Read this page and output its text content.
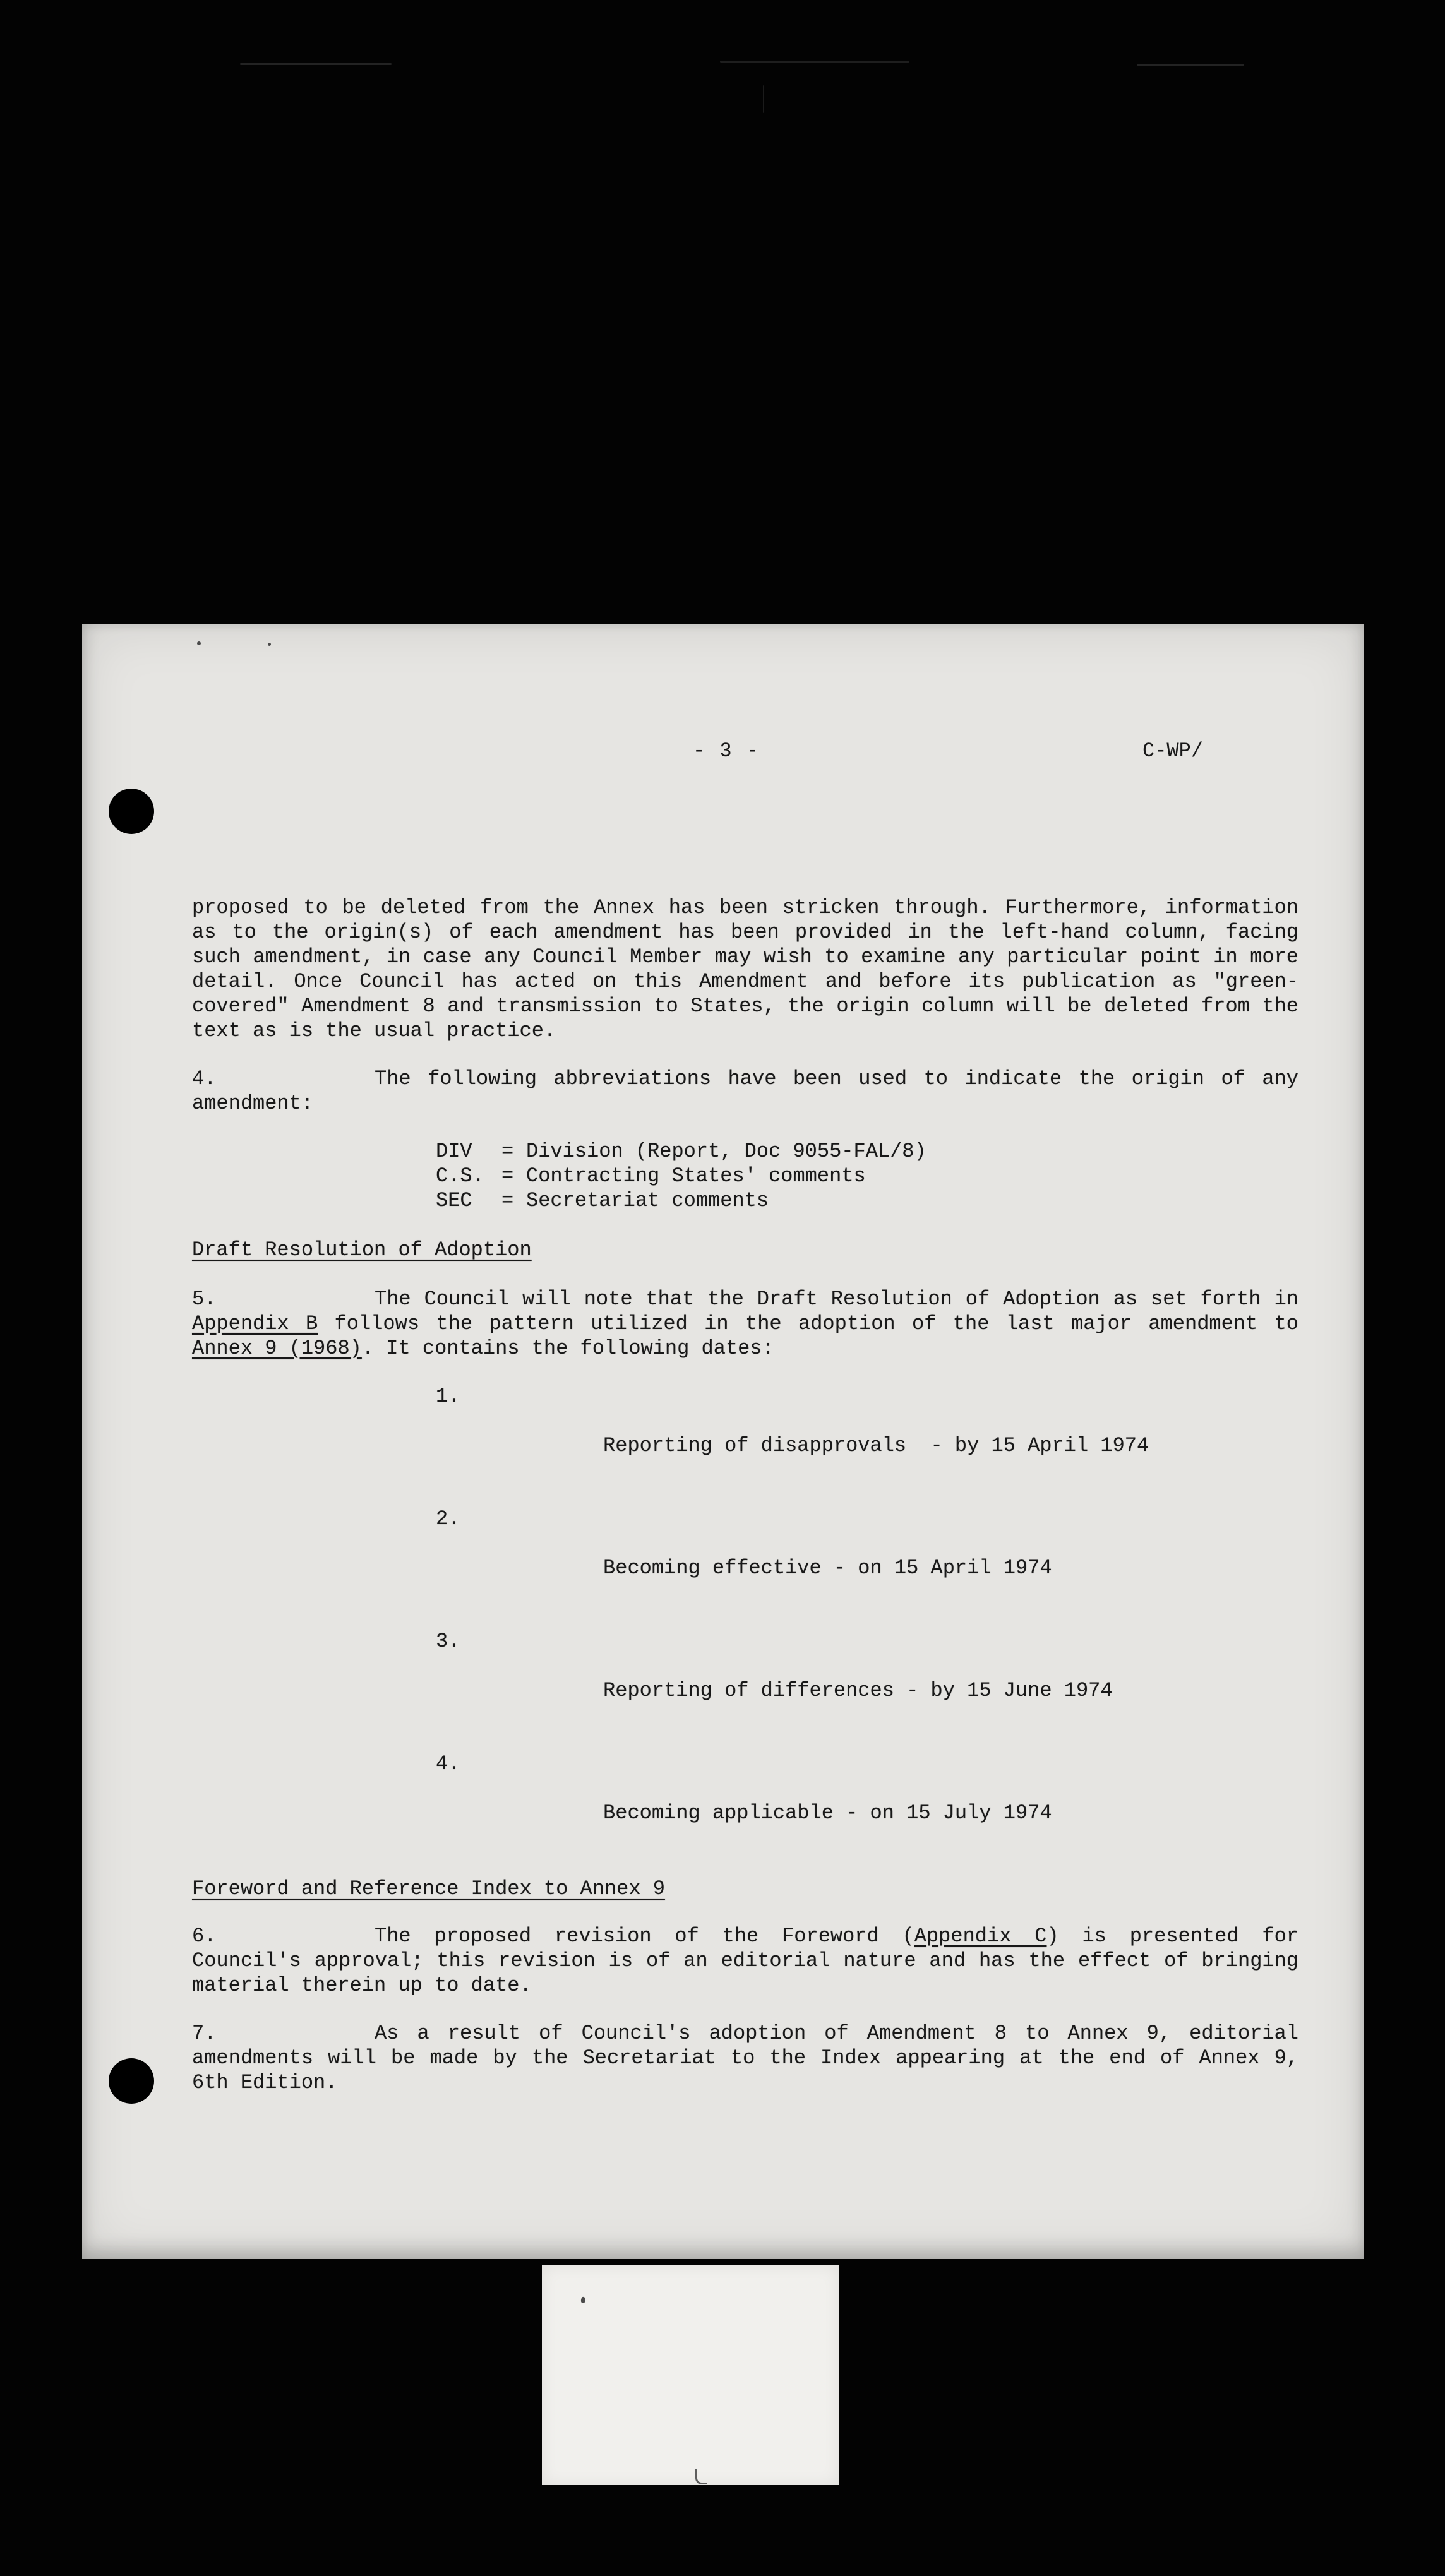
- 3 -	C-WP/

proposed to be deleted from the Annex has been stricken through. Furthermore, information as to the origin(s) of each amendment has been provided in the left-hand column, facing such amendment, in case any Council Member may wish to examine any particular point in more detail. Once Council has acted on this Amendment and before its publication as "green-covered" Amendment 8 and transmission to States, the origin column will be deleted from the text as is the usual practice.

4.	The following abbreviations have been used to indicate the origin of any amendment:
DIV = Division (Report, Doc 9055-FAL/8)
C.S. = Contracting States' comments
SEC = Secretariat comments
Draft Resolution of Adoption
5.	The Council will note that the Draft Resolution of Adoption as set forth in Appendix B follows the pattern utilized in the adoption of the last major amendment to Annex 9 (1968). It contains the following dates:

1.

Reporting of disapprovals  - by 15 April 1974

2.

Becoming effective - on 15 April 1974

3.

Reporting of differences - by 15 June 1974

4.

Becoming applicable - on 15 July 1974

Foreword and Reference Index to Annex 9
6.	The proposed revision of the Foreword (Appendix C) is presented for Council's approval; this revision is of an editorial nature and has the effect of bringing material therein up to date.
7.	As a result of Council's adoption of Amendment 8 to Annex 9, editorial amendments will be made by the Secretariat to the Index appearing at the end of Annex 9, 6th Edition.
